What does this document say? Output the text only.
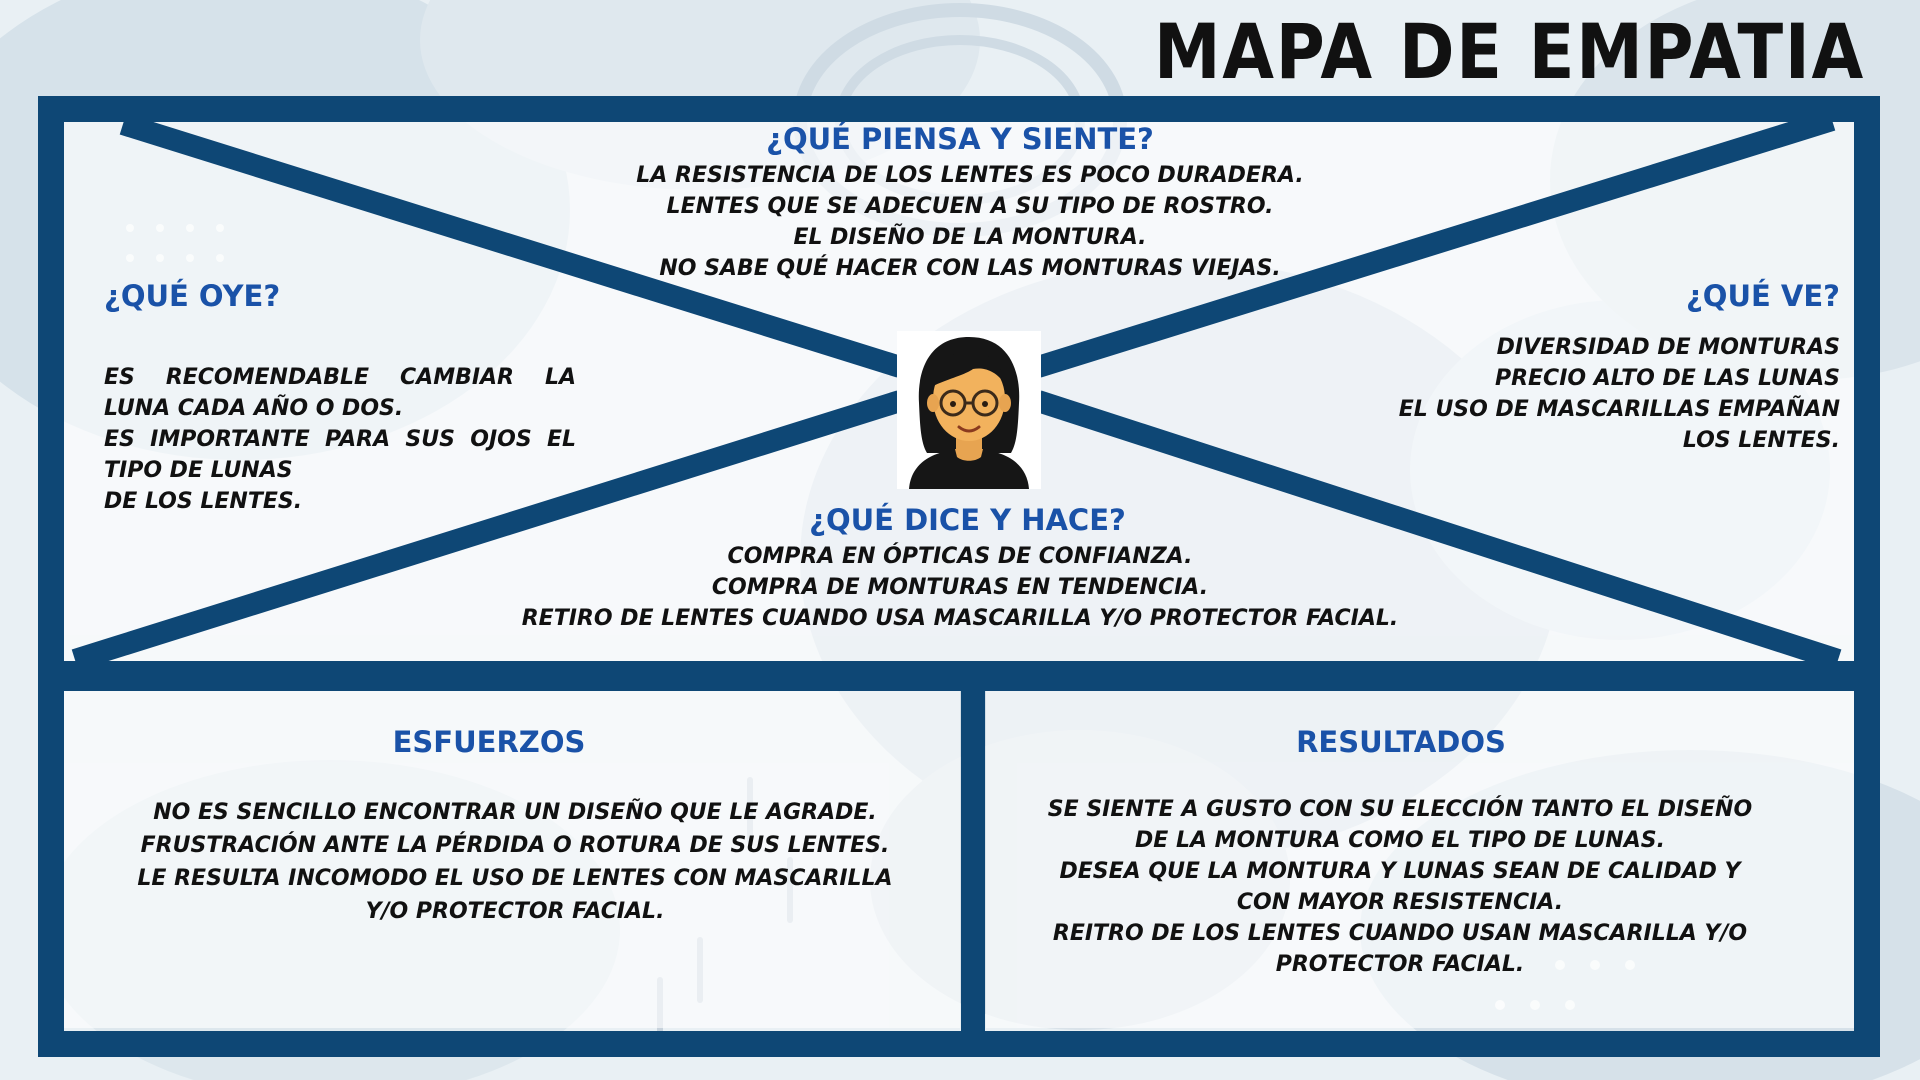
MAPA DE EMPATIA
¿QUÉ PIENSA Y SIENTE?
LA RESISTENCIA DE LOS LENTES ES POCO DURADERA.
LENTES QUE SE ADECUEN A SU TIPO DE ROSTRO.
EL DISEÑO DE LA MONTURA.
NO SABE QUÉ HACER CON LAS MONTURAS VIEJAS.
¿QUÉ OYE?
ES RECOMENDABLE CAMBIAR LA LUNA CADA AÑO O DOS.
ES IMPORTANTE PARA SUS OJOS EL TIPO DE LUNAS
DE LOS LENTES.
¿QUÉ VE?
DIVERSIDAD DE MONTURAS
PRECIO ALTO DE LAS LUNAS
EL USO DE MASCARILLAS EMPAÑAN
LOS LENTES.
¿QUÉ DICE Y HACE?
COMPRA EN ÓPTICAS DE CONFIANZA.
COMPRA DE MONTURAS EN TENDENCIA.
RETIRO DE LENTES CUANDO USA MASCARILLA Y/O PROTECTOR FACIAL.
ESFUERZOS
NO ES SENCILLO ENCONTRAR UN DISEÑO QUE LE AGRADE.
FRUSTRACIÓN ANTE LA PÉRDIDA O ROTURA DE SUS LENTES.
LE RESULTA INCOMODO EL USO DE LENTES CON MASCARILLA
Y/O PROTECTOR FACIAL.
RESULTADOS
SE SIENTE A GUSTO CON SU ELECCIÓN TANTO EL DISEÑO
DE LA MONTURA COMO EL TIPO DE LUNAS.
DESEA QUE LA MONTURA Y LUNAS SEAN DE CALIDAD Y
CON MAYOR RESISTENCIA.
REITRO DE LOS LENTES CUANDO USAN MASCARILLA Y/O
PROTECTOR FACIAL.
